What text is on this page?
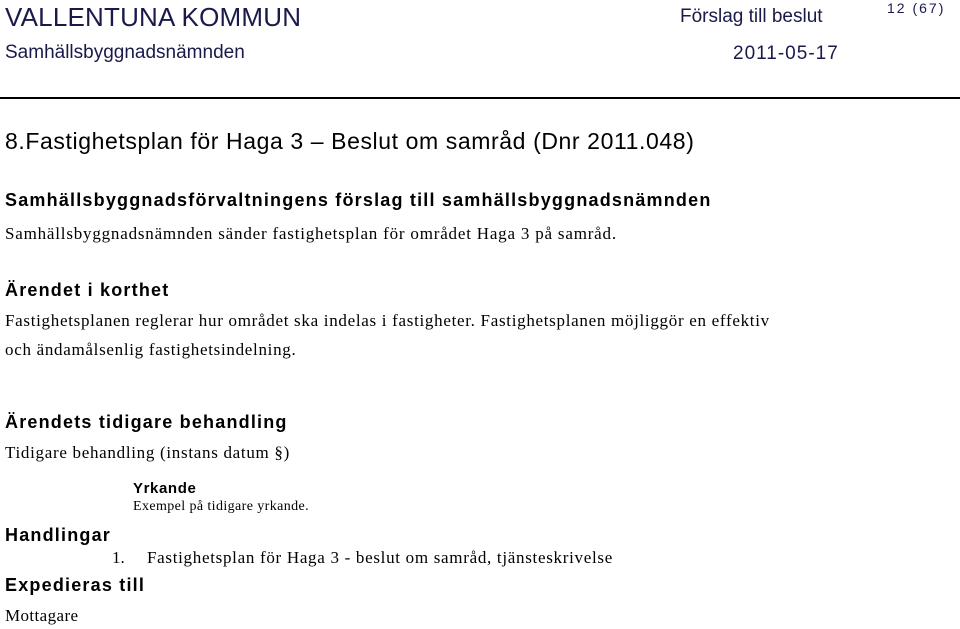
VALLENTUNA KOMMUN	Förslag till beslut	12 (67)
Samhällsbyggnadsnämnden	2011-05-17
8.Fastighetsplan för Haga 3 – Beslut om samråd (Dnr 2011.048)
Samhällsbyggnadsförvaltningens förslag till samhällsbyggnadsnämnden
Samhällsbyggnadsnämnden sänder fastighetsplan för området Haga 3 på samråd.
Ärendet i korthet
Fastighetsplanen reglerar hur området ska indelas i fastigheter. Fastighetsplanen möjliggör en effektiv
och ändamålsenlig fastighetsindelning.
Ärendets tidigare behandling
Tidigare behandling (instans datum §)
Yrkande
Exempel på tidigare yrkande.
Handlingar
1. Fastighetsplan för Haga 3 - beslut om samråd, tjänsteskrivelse
Expedieras till
Mottagare
